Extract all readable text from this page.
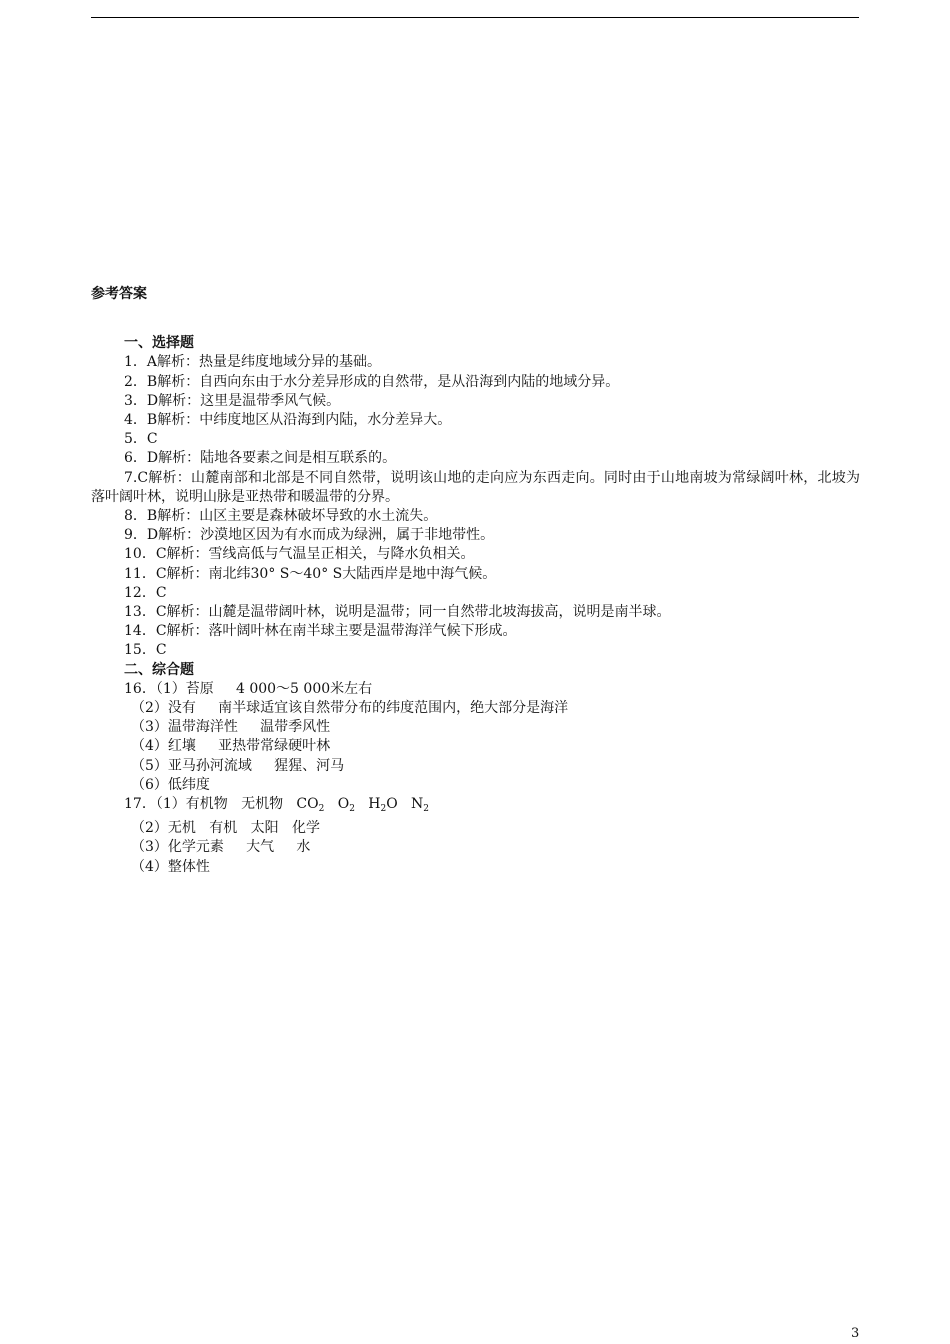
参考答案
一、选择题
1．A解析：热量是纬度地域分异的基础。
2．B解析：自西向东由于水分差异形成的自然带，是从沿海到内陆的地域分异。
3．D解析：这里是温带季风气候。
4．B解析：中纬度地区从沿海到内陆，水分差异大。
5．C
6．D解析：陆地各要素之间是相互联系的。
7.C解析：山麓南部和北部是不同自然带，说明该山地的走向应为东西走向。同时由于山地南坡为常绿阔叶林，北坡为落叶阔叶林，说明山脉是亚热带和暖温带的分界。
8．B解析：山区主要是森林破坏导致的水土流失。
9．D解析：沙漠地区因为有水而成为绿洲，属于非地带性。
10．C解析：雪线高低与气温呈正相关，与降水负相关。
11．C解析：南北纬30° S～40° S大陆西岸是地中海气候。
12．C
13．C解析：山麓是温带阔叶林，说明是温带；同一自然带北坡海拔高，说明是南半球。
14．C解析：落叶阔叶林在南半球主要是温带海洋气候下形成。
15．C
二、综合题
16．（1）苔原     4 000～5 000米左右
（2）没有     南半球适宜该自然带分布的纬度范围内，绝大部分是海洋
（3）温带海洋性     温带季风性
（4）红壤     亚热带常绿硬叶林
（5）亚马孙河流域     猩猩、河马
（6）低纬度
17．（1）有机物   无机物   $CO_2$   $O_2$   $H_2O$   $N_2$
（2）无机   有机   太阳   化学
（3）化学元素     大气     水
（4）整体性
3
